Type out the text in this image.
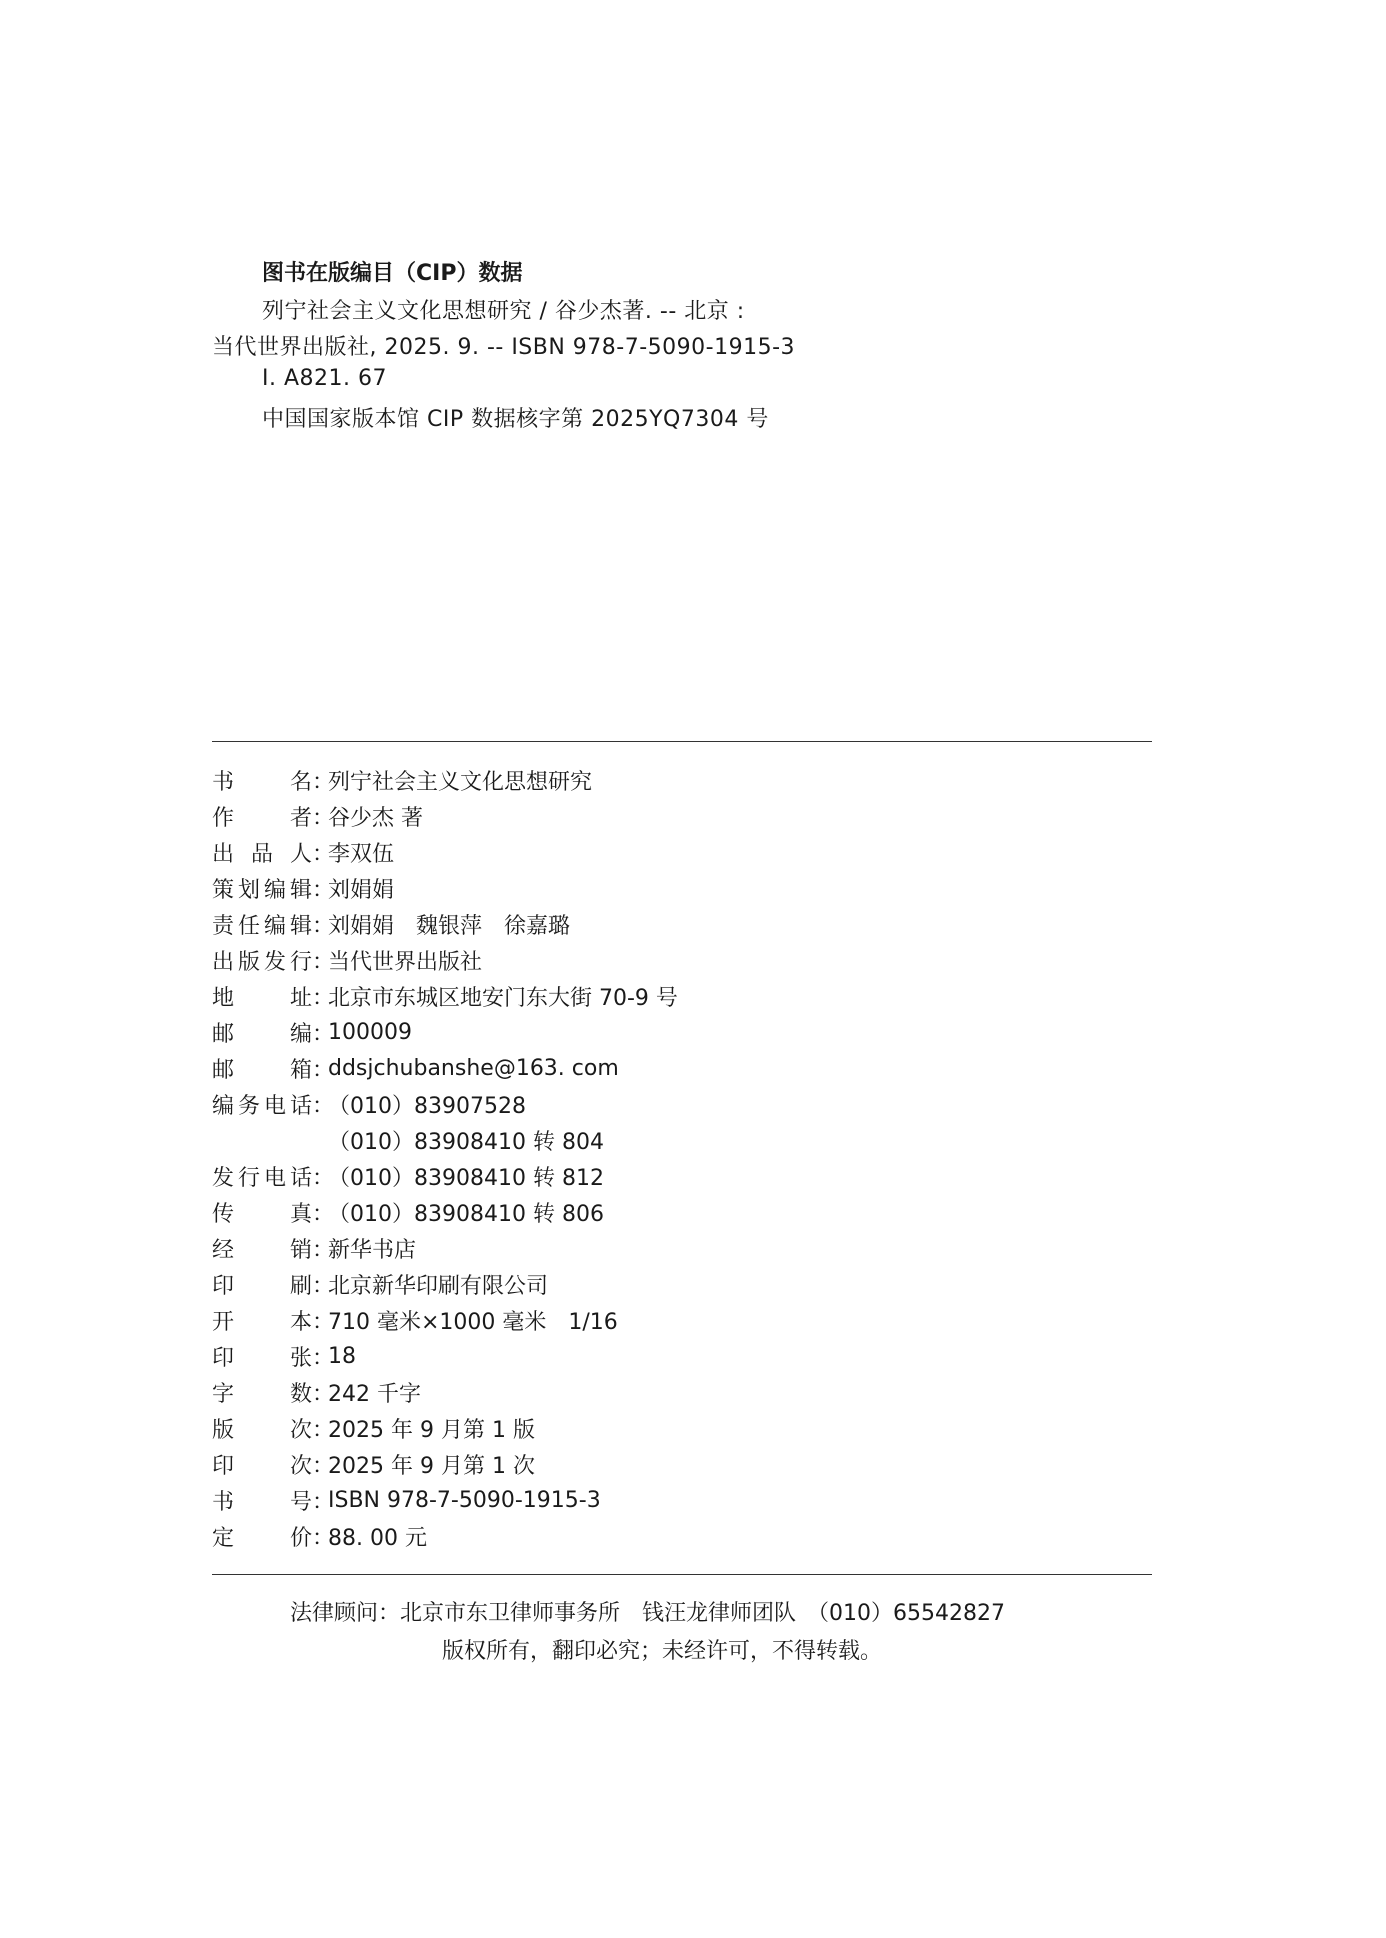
图书在版编目（CIP）数据
列宁社会主义文化思想研究 / 谷少杰著. -- 北京 :
当代世界出版社, 2025. 9. -- ISBN 978-7-5090-1915-3
Ⅰ. A821. 67
中国国家版本馆 CIP 数据核字第 2025YQ7304 号
书名 ：
列宁社会主义文化思想研究
作者 ：
谷少杰 著
出品人 ：
李双伍
策划编辑 ：
刘娟娟
责任编辑 ：
刘娟娟　魏银萍　徐嘉璐
出版发行 ：
当代世界出版社
地址 ：
北京市东城区地安门东大街 70-9 号
邮编 ：
100009
邮箱 ：
ddsjchubanshe@163. com
编务电话 ：
（010）83907528
（010）83908410 转 804
发行电话 ：
（010）83908410 转 812
传真 ：
（010）83908410 转 806
经销 ：
新华书店
印刷 ：
北京新华印刷有限公司
开本 ：
710 毫米×1000 毫米　1/16
印张 ：
18
字数 ：
242 千字
版次 ：
2025 年 9 月第 1 版
印次 ：
2025 年 9 月第 1 次
书号 ：
ISBN 978-7-5090-1915-3
定价 ：
88. 00 元
法律顾问：北京市东卫律师事务所　钱汪龙律师团队　（010）65542827
版权所有，翻印必究；未经许可，不得转载。
